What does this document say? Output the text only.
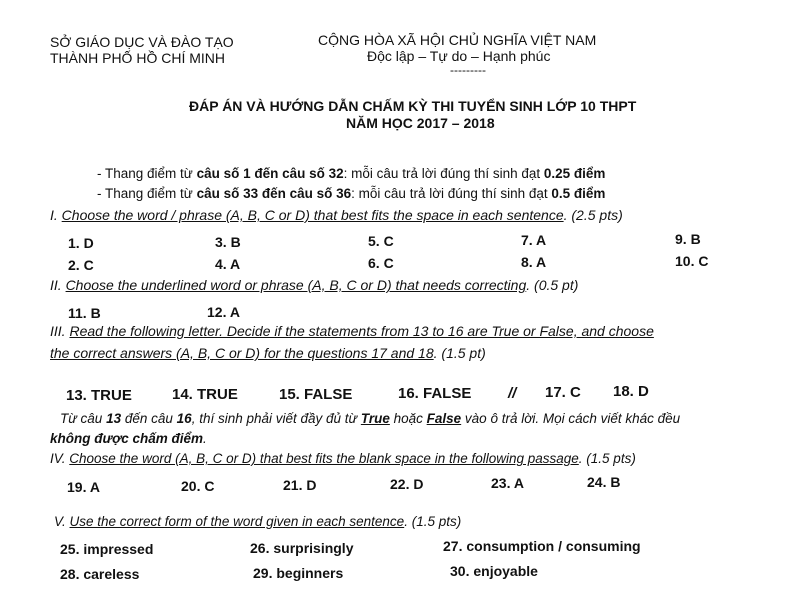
SỞ GIÁO DỤC VÀ ĐÀO TẠO
THÀNH PHỐ HỒ CHÍ MINH
CỘNG HÒA XÃ HỘI CHỦ NGHĨA VIỆT NAM
Độc lập – Tự do – Hạnh phúc
---------
ĐÁP ÁN VÀ HƯỚNG DẪN CHẤM KỲ THI TUYỂN SINH LỚP 10 THPT
NĂM HỌC 2017 – 2018
- Thang điểm từ câu số 1 đến câu số 32: mỗi câu trả lời đúng thí sinh đạt 0.25 điểm
- Thang điểm từ câu số 33 đến câu số 36: mỗi câu trả lời đúng thí sinh đạt 0.5 điểm
I. Choose the word / phrase (A, B, C or D) that best fits the space in each sentence. (2.5 pts)
1. D	3. B	5. C	7. A	9. B
2. C	4. A	6. C	8. A	10. C
II. Choose the underlined word or phrase (A, B, C or D) that needs correcting. (0.5 pt)
11. B	12. A
III. Read the following letter. Decide if the statements from 13 to 16 are True or False, and choose
the correct answers (A, B, C or D) for the questions 17 and 18. (1.5 pt)
13. TRUE	14. TRUE	15. FALSE	16. FALSE // 17. C 18. D
Từ câu 13 đến câu 16, thí sinh phải viết đầy đủ từ True hoặc False vào ô trả lời. Mọi cách viết khác đều
không được chấm điểm.
IV. Choose the word (A, B, C or D) that best fits the blank space in the following passage. (1.5 pts)
19. A	20. C	21. D	22. D	23. A	24. B
V. Use the correct form of the word given in each sentence. (1.5 pts)
25. impressed	26. surprisingly	27. consumption / consuming
28. careless	29. beginners	30. enjoyable
